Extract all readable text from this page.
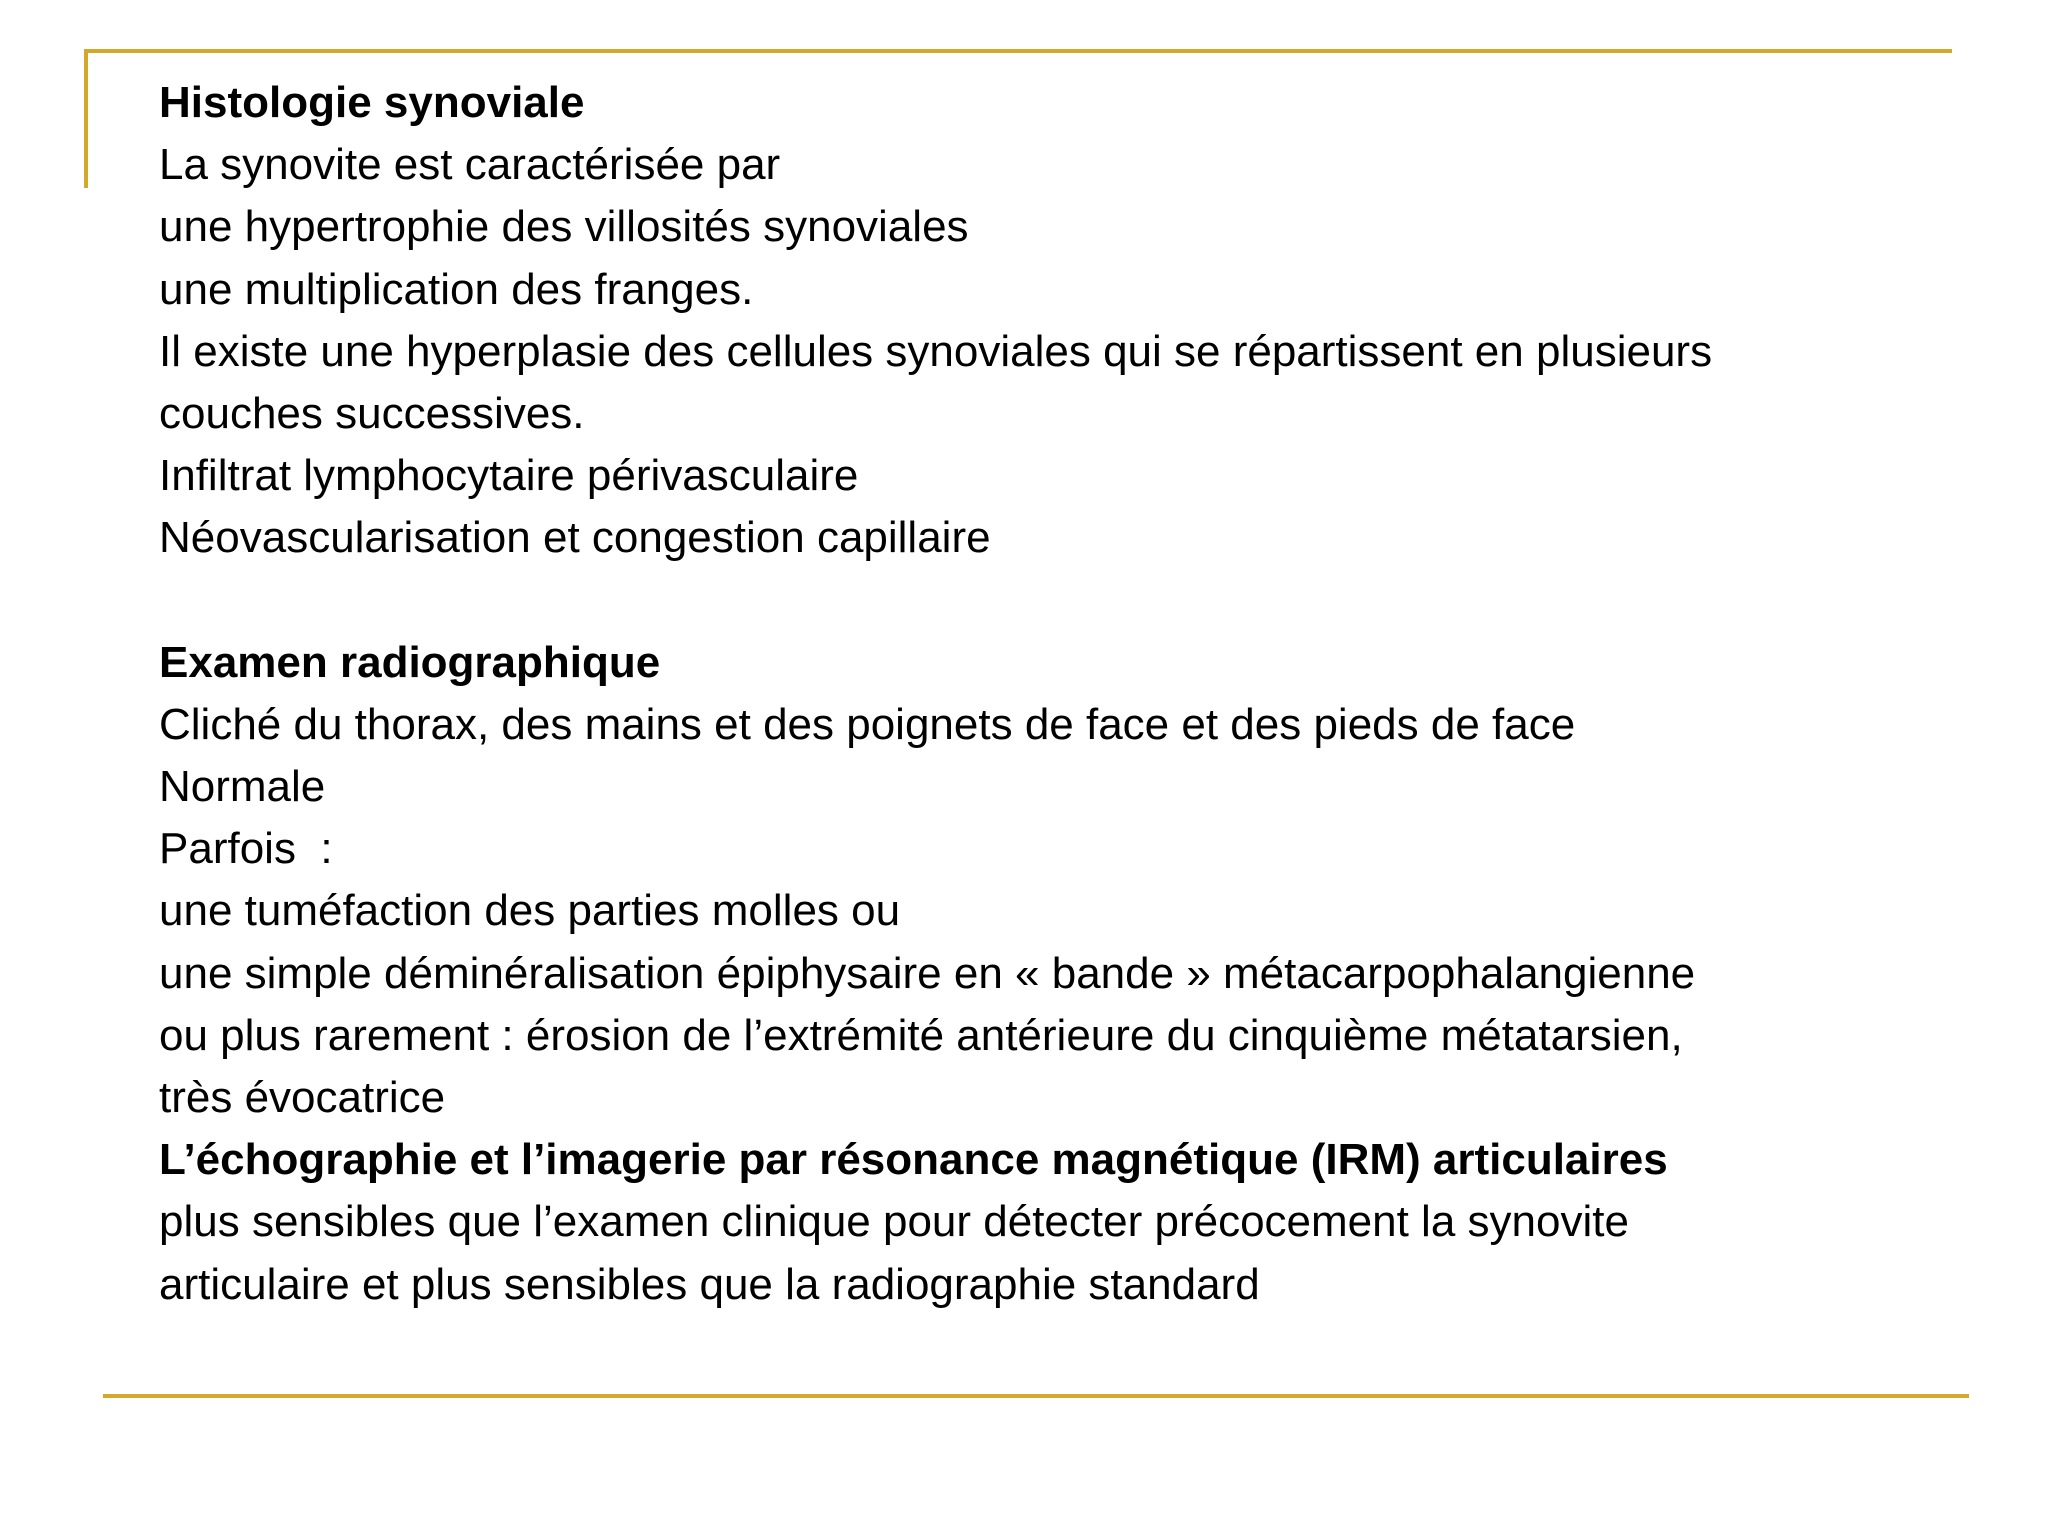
Histologie synoviale
La synovite est caractérisée par
une hypertrophie des villosités synoviales
une multiplication des franges.
Il existe une hyperplasie des cellules synoviales qui se répartissent en plusieurs
couches successives.
Infiltrat lymphocytaire périvasculaire
Néovascularisation et congestion capillaire
Examen radiographique
Cliché du thorax, des mains et des poignets de face et des pieds de face
Normale
Parfois  :
une tuméfaction des parties molles ou
une simple déminéralisation épiphysaire en « bande » métacarpophalangienne
ou plus rarement : érosion de l’extrémité antérieure du cinquième métatarsien,
très évocatrice
L’échographie et l’imagerie par résonance magnétique (IRM) articulaires
plus sensibles que l’examen clinique pour détecter précocement la synovite
articulaire et plus sensibles que la radiographie standard
